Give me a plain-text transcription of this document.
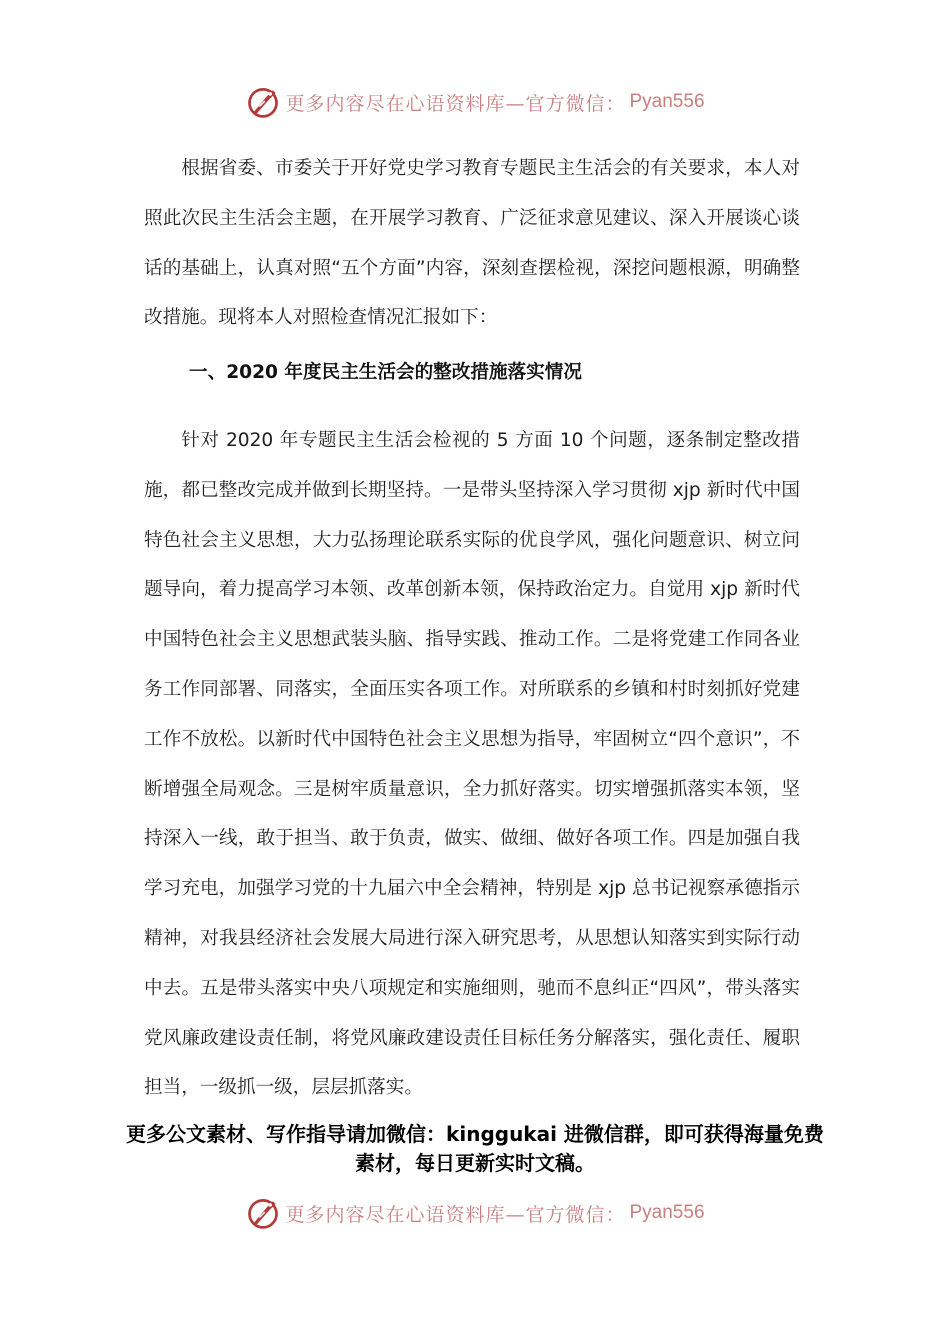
更多内容尽在心语资料库—官方微信： Pyan556

根据省委、市委关于开好党史学习教育专题民主生活会的有关要求，本人对照此次民主生活会主题，在开展学习教育、广泛征求意见建议、深入开展谈心谈话的基础上，认真对照“五个方面”内容，深刻查摆检视，深挖问题根源，明确整改措施。现将本人对照检查情况汇报如下：

一、2020 年度民主生活会的整改措施落实情况

针对 2020 年专题民主生活会检视的 5 方面 10 个问题，逐条制定整改措施，都已整改完成并做到长期坚持。一是带头坚持深入学习贯彻 xjp 新时代中国特色社会主义思想，大力弘扬理论联系实际的优良学风，强化问题意识、树立问题导向，着力提高学习本领、改革创新本领，保持政治定力。自觉用 xjp 新时代中国特色社会主义思想武装头脑、指导实践、推动工作。二是将党建工作同各业务工作同部署、同落实，全面压实各项工作。对所联系的乡镇和村时刻抓好党建工作不放松。以新时代中国特色社会主义思想为指导，牢固树立“四个意识”，不断增强全局观念。三是树牢质量意识，全力抓好落实。切实增强抓落实本领，坚持深入一线，敢于担当、敢于负责，做实、做细、做好各项工作。四是加强自我学习充电，加强学习党的十九届六中全会精神，特别是 xjp 总书记视察承德指示精神，对我县经济社会发展大局进行深入研究思考，从思想认知落实到实际行动中去。五是带头落实中央八项规定和实施细则，驰而不息纠正“四风”，带头落实党风廉政建设责任制，将党风廉政建设责任目标任务分解落实，强化责任、履职担当，一级抓一级，层层抓落实。

更多公文素材、写作指导请加微信：kinggukai 进微信群，即可获得海量免费素材，每日更新实时文稿。

更多内容尽在心语资料库—官方微信： Pyan556
